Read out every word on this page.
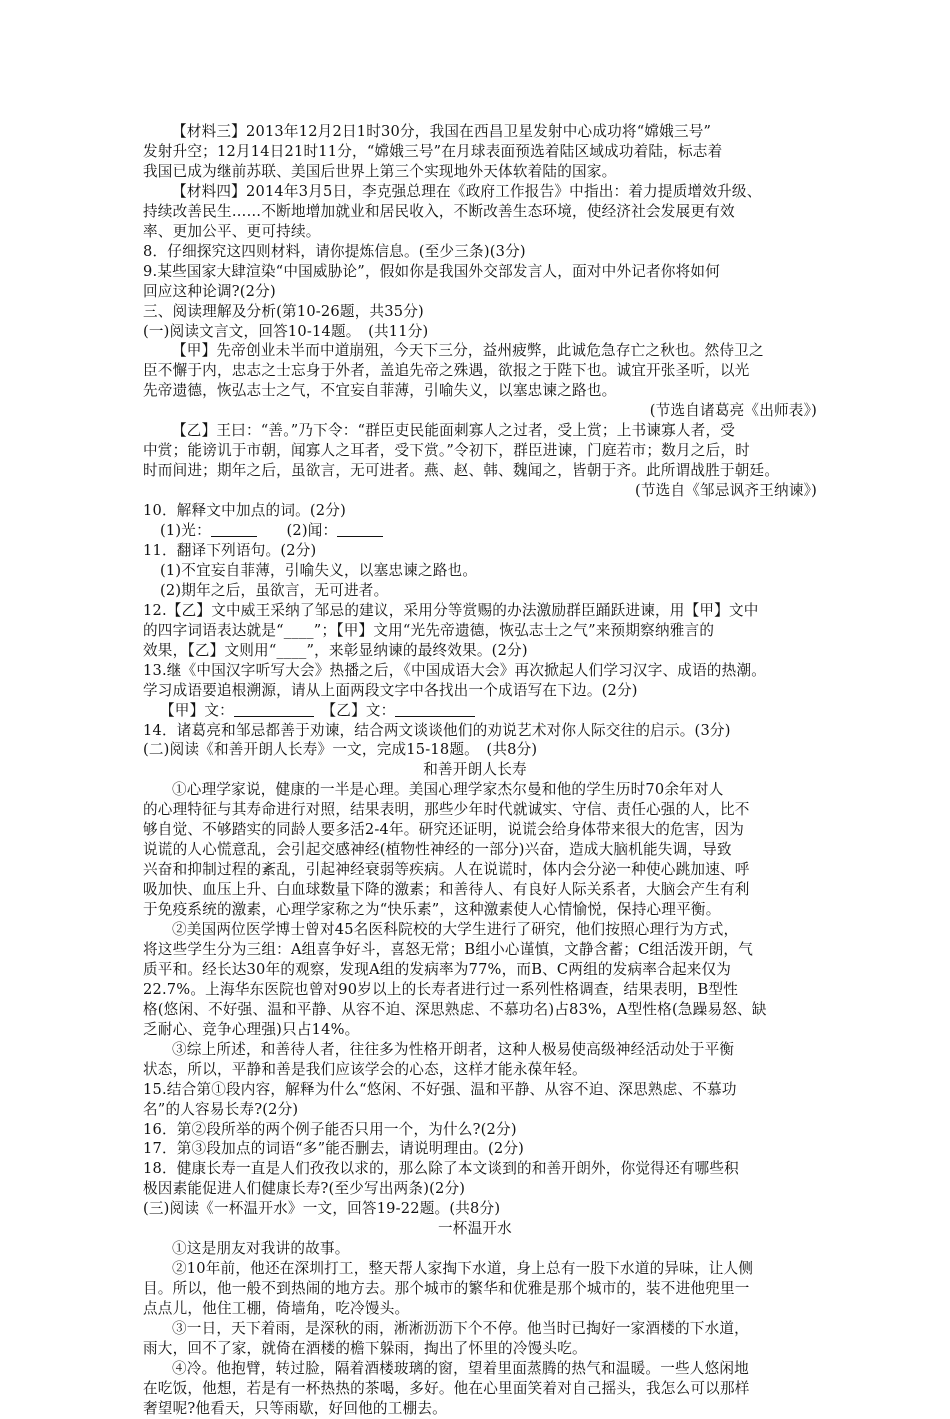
【材料三】2013年12月2日1时30分，我国在西昌卫星发射中心成功将“嫦娥三号”
发射升空；12月14日21时11分，“嫦娥三号”在月球表面预选着陆区域成功着陆，标志着
我国已成为继前苏联、美国后世界上第三个实现地外天体软着陆的国家。
【材料四】2014年3月5日，李克强总理在《政府工作报告》中指出：着力提质增效升级、
持续改善民生……不断地增加就业和居民收入，不断改善生态环境，使经济社会发展更有效
率、更加公平、更可持续。
8．仔细探究这四则材料，请你提炼信息。(至少三条)(3分)
9.某些国家大肆渲染“中国威胁论”，假如你是我国外交部发言人，面对中外记者你将如何
回应这种论调?(2分)
三、阅读理解及分析(第10-26题，共35分)
(一)阅读文言文，回答10-14题。　(共11分)
【甲】先帝创业未半而中道崩殂，今天下三分，益州疲弊，此诚危急存亡之秋也。然侍卫之
臣不懈于内，忠志之士忘身于外者，盖追先帝之殊遇，欲报之于陛下也。诚宜开张圣听，以光
先帝遗德，恢弘志士之气，不宜妄自菲薄，引喻失义，以塞忠谏之路也。
(节选自诸葛亮《出师表》)
【乙】王曰：“善。”乃下令：“群臣吏民能面刺寡人之过者，受上赏；上书谏寡人者，受
中赏；能谤讥于市朝，闻寡人之耳者，受下赏。”令初下，群臣进谏，门庭若市；数月之后，时
时而间进；期年之后，虽欲言，无可进者。燕、赵、韩、魏闻之，皆朝于齐。此所谓战胜于朝廷。
(节选自《邹忌讽齐王纳谏》)
10．解释文中加点的词。(2分)
(1)光：	　　(2)闻：
11．翻译下列语句。(2分)
(1)不宜妄自菲薄，引喻失义，以塞忠谏之路也。
(2)期年之后，虽欲言，无可进者。
12.【乙】文中威王采纳了邹忌的建议，采用分等赏赐的办法激励群臣踊跃进谏，用【甲】文中
的四字词语表达就是“____”；【甲】文用“光先帝遗德，恢弘志士之气”来预期察纳雅言的
效果，【乙】文则用“____”，来彰显纳谏的最终效果。(2分)
13.继《中国汉字听写大会》热播之后，《中国成语大会》再次掀起人们学习汉字、成语的热潮。
学习成语要追根溯源，请从上面两段文字中各找出一个成语写在下边。(2分)
【甲】文：	　【乙】文：
14．诸葛亮和邹忌都善于劝谏，结合两文谈谈他们的劝说艺术对你人际交往的启示。(3分)
(二)阅读《和善开朗人长寿》一文，完成15-18题。　(共8分)
和善开朗人长寿
①心理学家说，健康的一半是心理。美国心理学家杰尔曼和他的学生历时70余年对人
的心理特征与其寿命进行对照，结果表明，那些少年时代就诚实、守信、责任心强的人，比不
够自觉、不够踏实的同龄人要多活2-4年。研究还证明，说谎会给身体带来很大的危害，因为
说谎的人心慌意乱，会引起交感神经(植物性神经的一部分)兴奋，造成大脑机能失调，导致
兴奋和抑制过程的紊乱，引起神经衰弱等疾病。人在说谎时，体内会分泌一种使心跳加速、呼
吸加快、血压上升、白血球数量下降的激素；和善待人、有良好人际关系者，大脑会产生有利
于免疫系统的激素，心理学家称之为“快乐素”，这种激素使人心情愉悦，保持心理平衡。
②美国两位医学博士曾对45名医科院校的大学生进行了研究，他们按照心理行为方式，
将这些学生分为三组：A组喜争好斗，喜怒无常；B组小心谨慎，文静含蓄；C组活泼开朗，气
质平和。经长达30年的观察，发现A组的发病率为77%，而B、C两组的发病率合起来仅为
22.7%。上海华东医院也曾对90岁以上的长寿者进行过一系列性格调查，结果表明，B型性
格(悠闲、不好强、温和平静、从容不迫、深思熟虑、不慕功名)占83%，A型性格(急躁易怒、缺
乏耐心、竞争心理强)只占14%。
③综上所述，和善待人者，往往多为性格开朗者，这种人极易使高级神经活动处于平衡
状态，所以，平静和善是我们应该学会的心态，这样才能永葆年轻。
15.结合第①段内容，解释为什么“悠闲、不好强、温和平静、从容不迫、深思熟虑、不慕功
名”的人容易长寿?(2分)
16．第②段所举的两个例子能否只用一个，为什么?(2分)
17．第③段加点的词语“多”能否删去，请说明理由。(2分)
18．健康长寿一直是人们孜孜以求的，那么除了本文谈到的和善开朗外，你觉得还有哪些积
极因素能促进人们健康长寿?(至少写出两条)(2分)
(三)阅读《一杯温开水》一文，回答19-22题。(共8分)
一杯温开水
①这是朋友对我讲的故事。
②10年前，他还在深圳打工，整天帮人家掏下水道，身上总有一股下水道的异味，让人侧
目。所以，他一般不到热闹的地方去。那个城市的繁华和优雅是那个城市的，装不进他兜里一
点点儿，他住工棚，倚墙角，吃冷馒头。
③一日，天下着雨，是深秋的雨，淅淅沥沥下个不停。他当时已掏好一家酒楼的下水道，
雨大，回不了家，就倚在酒楼的檐下躲雨，掏出了怀里的冷馒头吃。
④冷。他抱臂，转过脸，隔着酒楼玻璃的窗，望着里面蒸腾的热气和温暖。一些人悠闲地
在吃饭，他想，若是有一杯热热的茶喝，多好。他在心里面笑着对自己摇头，我怎么可以那样
奢望呢?他看天，只等雨歇，好回他的工棚去。
